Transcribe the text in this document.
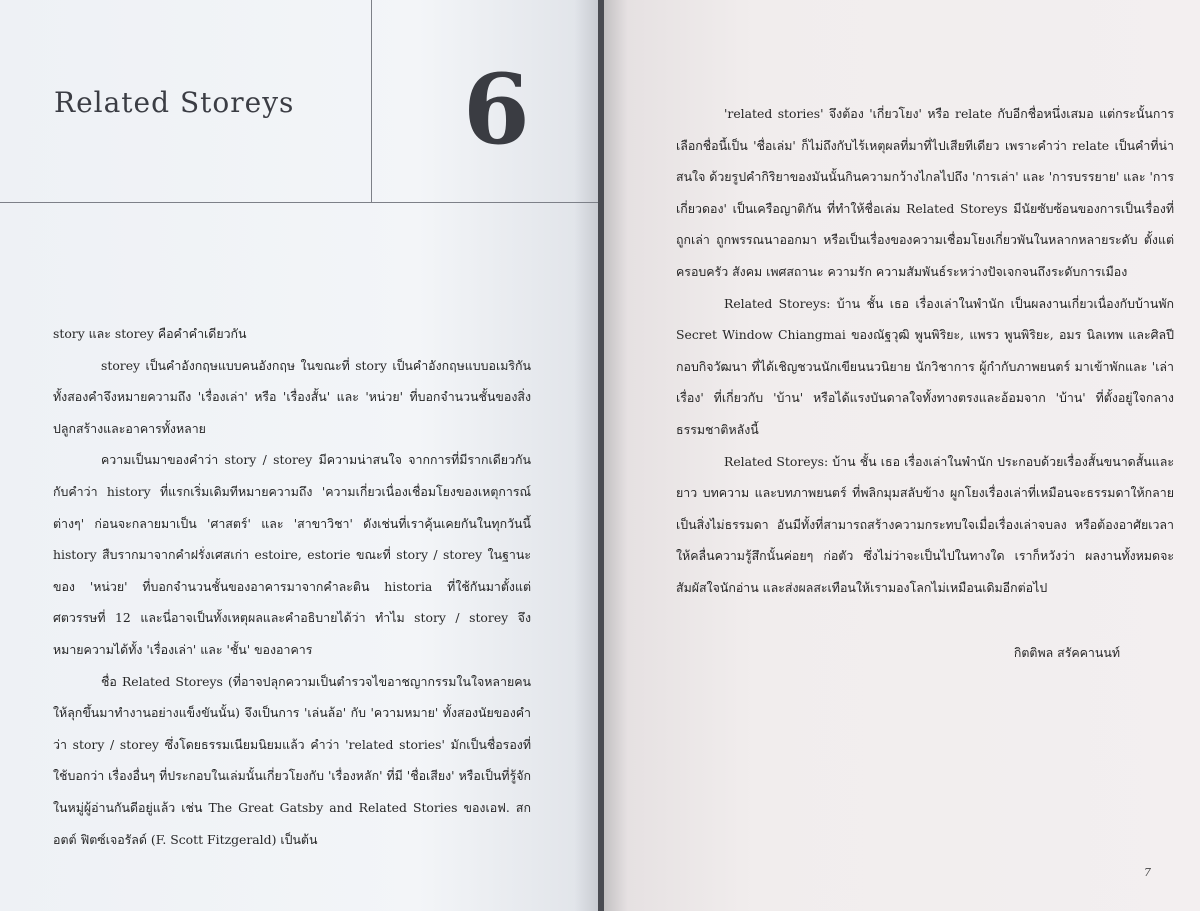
Related Storeys 6

story และ storey คือคำคำเดียวกัน

storey เป็นคำอังกฤษแบบคนอังกฤษ ในขณะที่ story เป็นคำอังกฤษแบบอเมริกัน ทั้งสองคำจึงหมายความถึง 'เรื่องเล่า' หรือ 'เรื่องสั้น' และ 'หน่วย' ที่บอกจำนวนชั้นของสิ่งปลูกสร้างและอาคารทั้งหลาย

ความเป็นมาของคำว่า story / storey มีความน่าสนใจ จากการที่มีรากเดียวกันกับคำว่า history ที่แรกเริ่มเดิมทีหมายความถึง 'ความเกี่ยวเนื่องเชื่อมโยงของเหตุการณ์ต่างๆ' ก่อนจะกลายมาเป็น 'ศาสตร์' และ 'สาขาวิชา' ดังเช่นที่เราคุ้นเคยกันในทุกวันนี้ history สืบรากมาจากคำฝรั่งเศสเก่า estoire, estorie ขณะที่ story / storey ในฐานะของ 'หน่วย' ที่บอกจำนวนชั้นของอาคารมาจากคำละติน historia ที่ใช้กันมาตั้งแต่ศตวรรษที่ 12 และนี่อาจเป็นทั้งเหตุผลและคำอธิบายได้ว่า ทำไม story / storey จึงหมายความได้ทั้ง 'เรื่องเล่า' และ 'ชั้น' ของอาคาร

ชื่อ Related Storeys (ที่อาจปลุกความเป็นตำรวจไขอาชญากรรมในใจหลายคนให้ลุกขึ้นมาทำงานอย่างแข็งขันนั้น) จึงเป็นการ 'เล่นล้อ' กับ 'ความหมาย' ทั้งสองนัยของคำว่า story / storey ซึ่งโดยธรรมเนียมนิยมแล้ว คำว่า 'related stories' มักเป็นชื่อรองที่ใช้บอกว่า เรื่องอื่นๆ ที่ประกอบในเล่มนั้นเกี่ยวโยงกับ 'เรื่องหลัก' ที่มี 'ชื่อเสียง' หรือเป็นที่รู้จักในหมู่ผู้อ่านกันดีอยู่แล้ว เช่น The Great Gatsby and Related Stories ของเอฟ. สกอตต์ ฟิตซ์เจอรัลด์ (F. Scott Fitzgerald) เป็นต้น

'related stories' จึงต้อง 'เกี่ยวโยง' หรือ relate กับอีกชื่อหนึ่งเสมอ แต่กระนั้นการเลือกชื่อนี้เป็น 'ชื่อเล่ม' ก็ไม่ถึงกับไร้เหตุผลที่มาที่ไปเสียทีเดียว เพราะคำว่า relate เป็นคำที่น่าสนใจ ด้วยรูปคำกิริยาของมันนั้นกินความกว้างไกลไปถึง 'การเล่า' และ 'การบรรยาย' และ 'การเกี่ยวดอง' เป็นเครือญาติกัน ที่ทำให้ชื่อเล่ม Related Storeys มีนัยซับซ้อนของการเป็นเรื่องที่ถูกเล่า ถูกพรรณนาออกมา หรือเป็นเรื่องของความเชื่อมโยงเกี่ยวพันในหลากหลายระดับ ตั้งแต่ครอบครัว สังคม เพศสถานะ ความรัก ความสัมพันธ์ระหว่างปัจเจกจนถึงระดับการเมือง

Related Storeys: บ้าน ชั้น เธอ เรื่องเล่าในพำนัก เป็นผลงานเกี่ยวเนื่องกับบ้านพัก Secret Window Chiangmai ของณัฐวุฒิ พูนพิริยะ, แพรว พูนพิริยะ, อมร นิลเทพ และศิลปี กอบกิจวัฒนา ที่ได้เชิญชวนนักเขียนนวนิยาย นักวิชาการ ผู้กำกับภาพยนตร์ มาเข้าพักและ 'เล่าเรื่อง' ที่เกี่ยวกับ 'บ้าน' หรือได้แรงบันดาลใจทั้งทางตรงและอ้อมจาก 'บ้าน' ที่ตั้งอยู่ใจกลางธรรมชาติหลังนี้

Related Storeys: บ้าน ชั้น เธอ เรื่องเล่าในพำนัก ประกอบด้วยเรื่องสั้นขนาดสั้นและยาว บทความ และบทภาพยนตร์ ที่พลิกมุมสลับข้าง ผูกโยงเรื่องเล่าที่เหมือนจะธรรมดาให้กลายเป็นสิ่งไม่ธรรมดา อันมีทั้งที่สามารถสร้างความกระทบใจเมื่อเรื่องเล่าจบลง หรือต้องอาศัยเวลาให้คลื่นความรู้สึกนั้นค่อยๆ ก่อตัว ซึ่งไม่ว่าจะเป็นไปในทางใด เราก็หวังว่า ผลงานทั้งหมดจะสัมผัสใจนักอ่าน และส่งผลสะเทือนให้เรามองโลกไม่เหมือนเดิมอีกต่อไป

กิตติพล สรัคคานนท์

7
